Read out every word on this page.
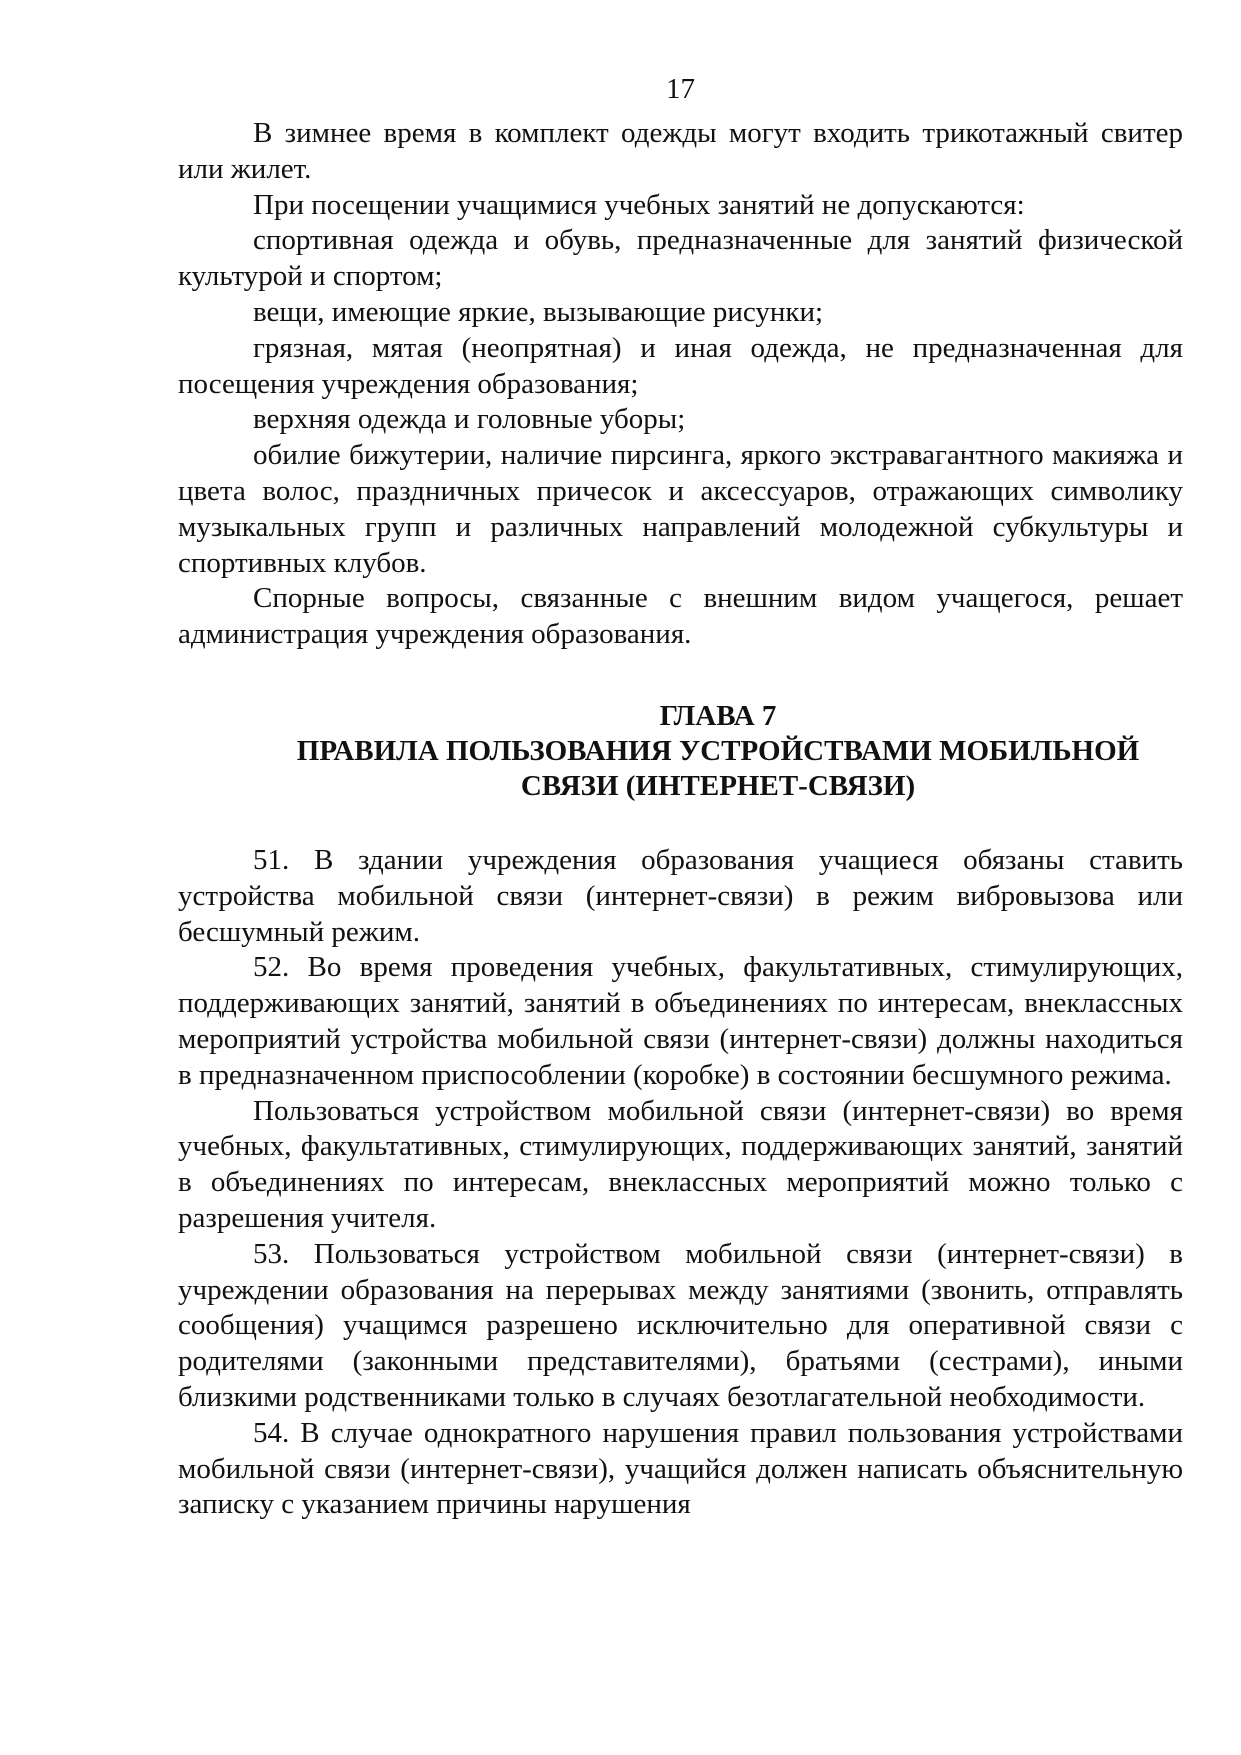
17

В зимнее время в комплект одежды могут входить трикотажный свитер или жилет.

При посещении учащимися учебных занятий не допускаются:

спортивная одежда и обувь, предназначенные для занятий физической культурой и спортом;

вещи, имеющие яркие, вызывающие рисунки;

грязная, мятая (неопрятная) и иная одежда, не предназначенная для посещения учреждения образования;

верхняя одежда и головные уборы;

обилие бижутерии, наличие пирсинга, яркого экстравагантного макияжа и цвета волос, праздничных причесок и аксессуаров, отражающих символику музыкальных групп и различных направлений молодежной субкультуры и спортивных клубов.

Спорные вопросы, связанные с внешним видом учащегося, решает администрация учреждения образования.

ГЛАВА 7
ПРАВИЛА ПОЛЬЗОВАНИЯ УСТРОЙСТВАМИ МОБИЛЬНОЙ
СВЯЗИ (ИНТЕРНЕТ-СВЯЗИ)

51. В здании учреждения образования учащиеся обязаны ставить устройства мобильной связи (интернет-связи) в режим вибровызова или бесшумный режим.

52. Во время проведения учебных, факультативных, стимулирующих, поддерживающих занятий, занятий в объединениях по интересам, внеклассных мероприятий устройства мобильной связи (интернет-связи) должны находиться в предназначенном приспособлении (коробке) в состоянии бесшумного режима.

Пользоваться устройством мобильной связи (интернет-связи) во время учебных, факультативных, стимулирующих, поддерживающих занятий, занятий в объединениях по интересам, внеклассных мероприятий можно только с разрешения учителя.

53. Пользоваться устройством мобильной связи (интернет-связи) в учреждении образования на перерывах между занятиями (звонить, отправлять сообщения) учащимся разрешено исключительно для оперативной связи с родителями (законными представителями), братьями (сестрами), иными близкими родственниками только в случаях безотлагательной необходимости.

54. В случае однократного нарушения правил пользования устройствами мобильной связи (интернет-связи), учащийся должен написать объяснительную записку с указанием причины нарушения
